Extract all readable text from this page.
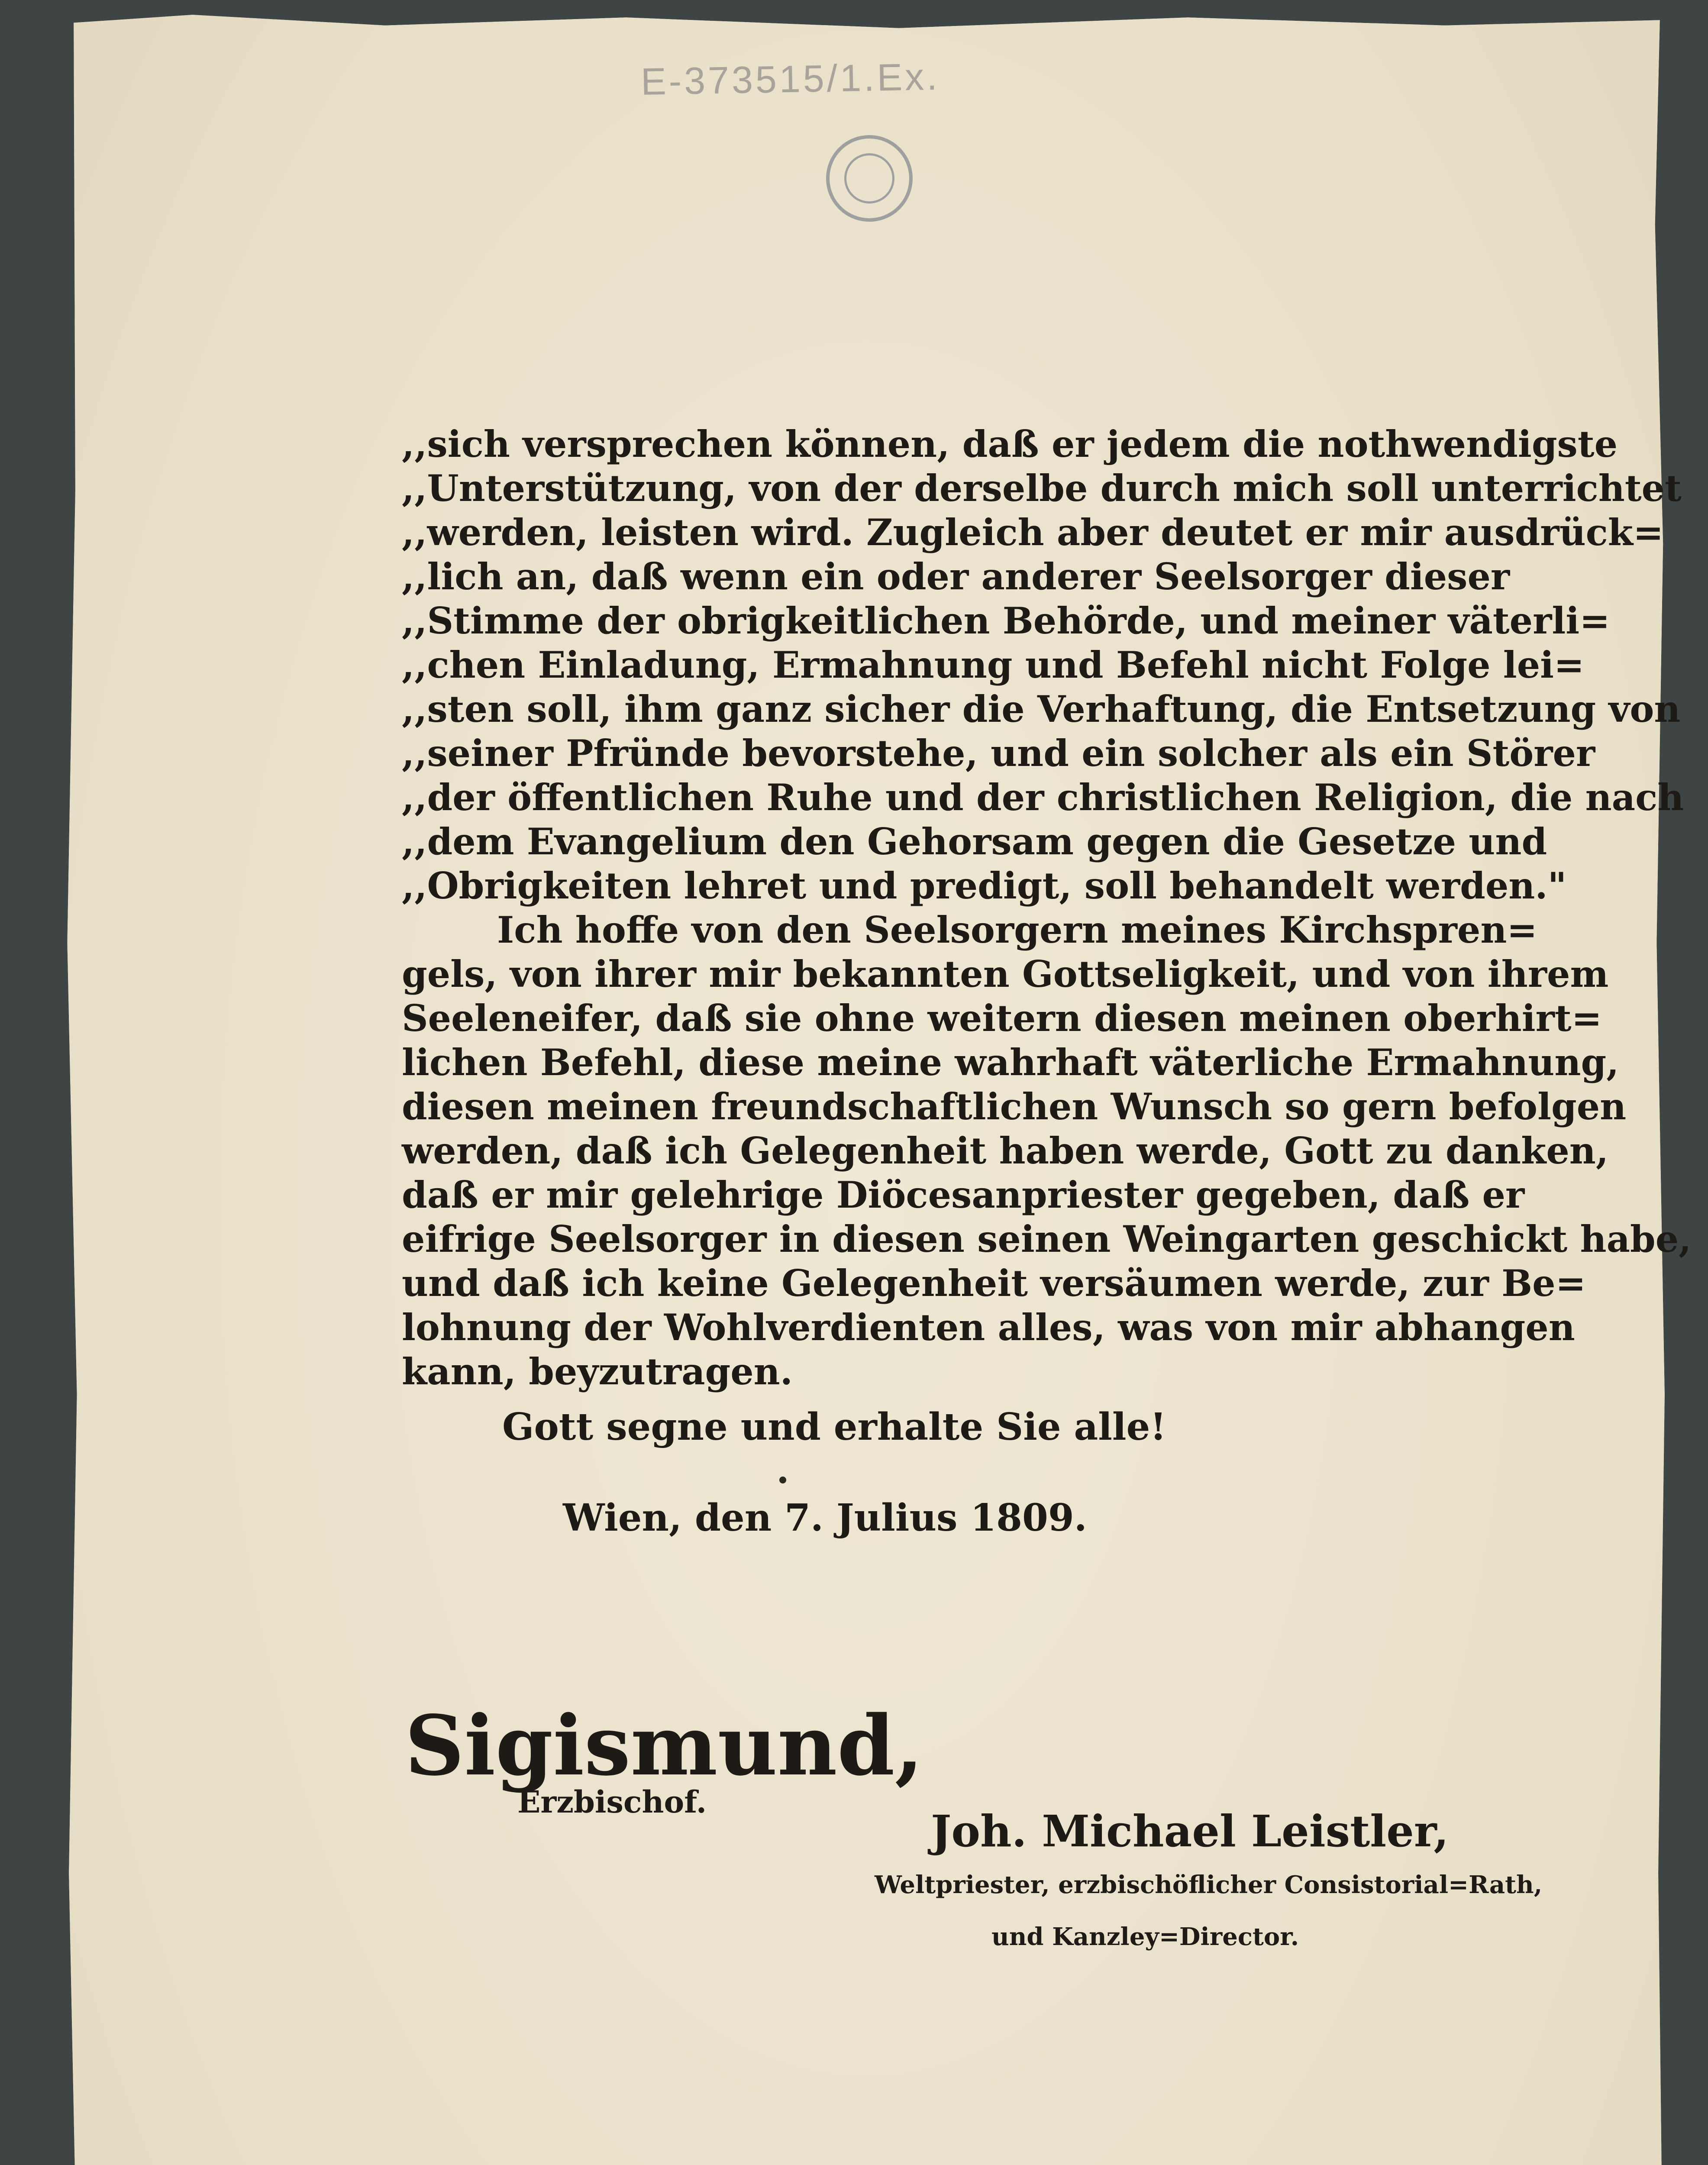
E-373515/1.Ex.
,,sich versprechen können, daß er jedem die nothwendigste
,,Unterstützung, von der derselbe durch mich soll unterrichtet
,,werden, leisten wird. Zugleich aber deutet er mir ausdrück=
,,lich an, daß wenn ein oder anderer Seelsorger dieser
,,Stimme der obrigkeitlichen Behörde, und meiner väterli=
,,chen Einladung, Ermahnung und Befehl nicht Folge lei=
,,sten soll, ihm ganz sicher die Verhaftung, die Entsetzung von
,,seiner Pfründe bevorstehe, und ein solcher als ein Störer
,,der öffentlichen Ruhe und der christlichen Religion, die nach
,,dem Evangelium den Gehorsam gegen die Gesetze und
,,Obrigkeiten lehret und predigt, soll behandelt werden."
Ich hoffe von den Seelsorgern meines Kirchspren=
gels, von ihrer mir bekannten Gottseligkeit, und von ihrem
Seeleneifer, daß sie ohne weitern diesen meinen oberhirt=
lichen Befehl, diese meine wahrhaft väterliche Ermahnung,
diesen meinen freundschaftlichen Wunsch so gern befolgen
werden, daß ich Gelegenheit haben werde, Gott zu danken,
daß er mir gelehrige Diöcesanpriester gegeben, daß er
eifrige Seelsorger in diesen seinen Weingarten geschickt habe,
und daß ich keine Gelegenheit versäumen werde, zur Be=
lohnung der Wohlverdienten alles, was von mir abhangen
kann, beyzutragen.
Gott segne und erhalte Sie alle!
Wien, den 7. Julius 1809.
Sigismund,
Erzbischof.
Joh. Michael Leistler,
Weltpriester, erzbischöflicher Consistorial=Rath,
und Kanzley=Director.
